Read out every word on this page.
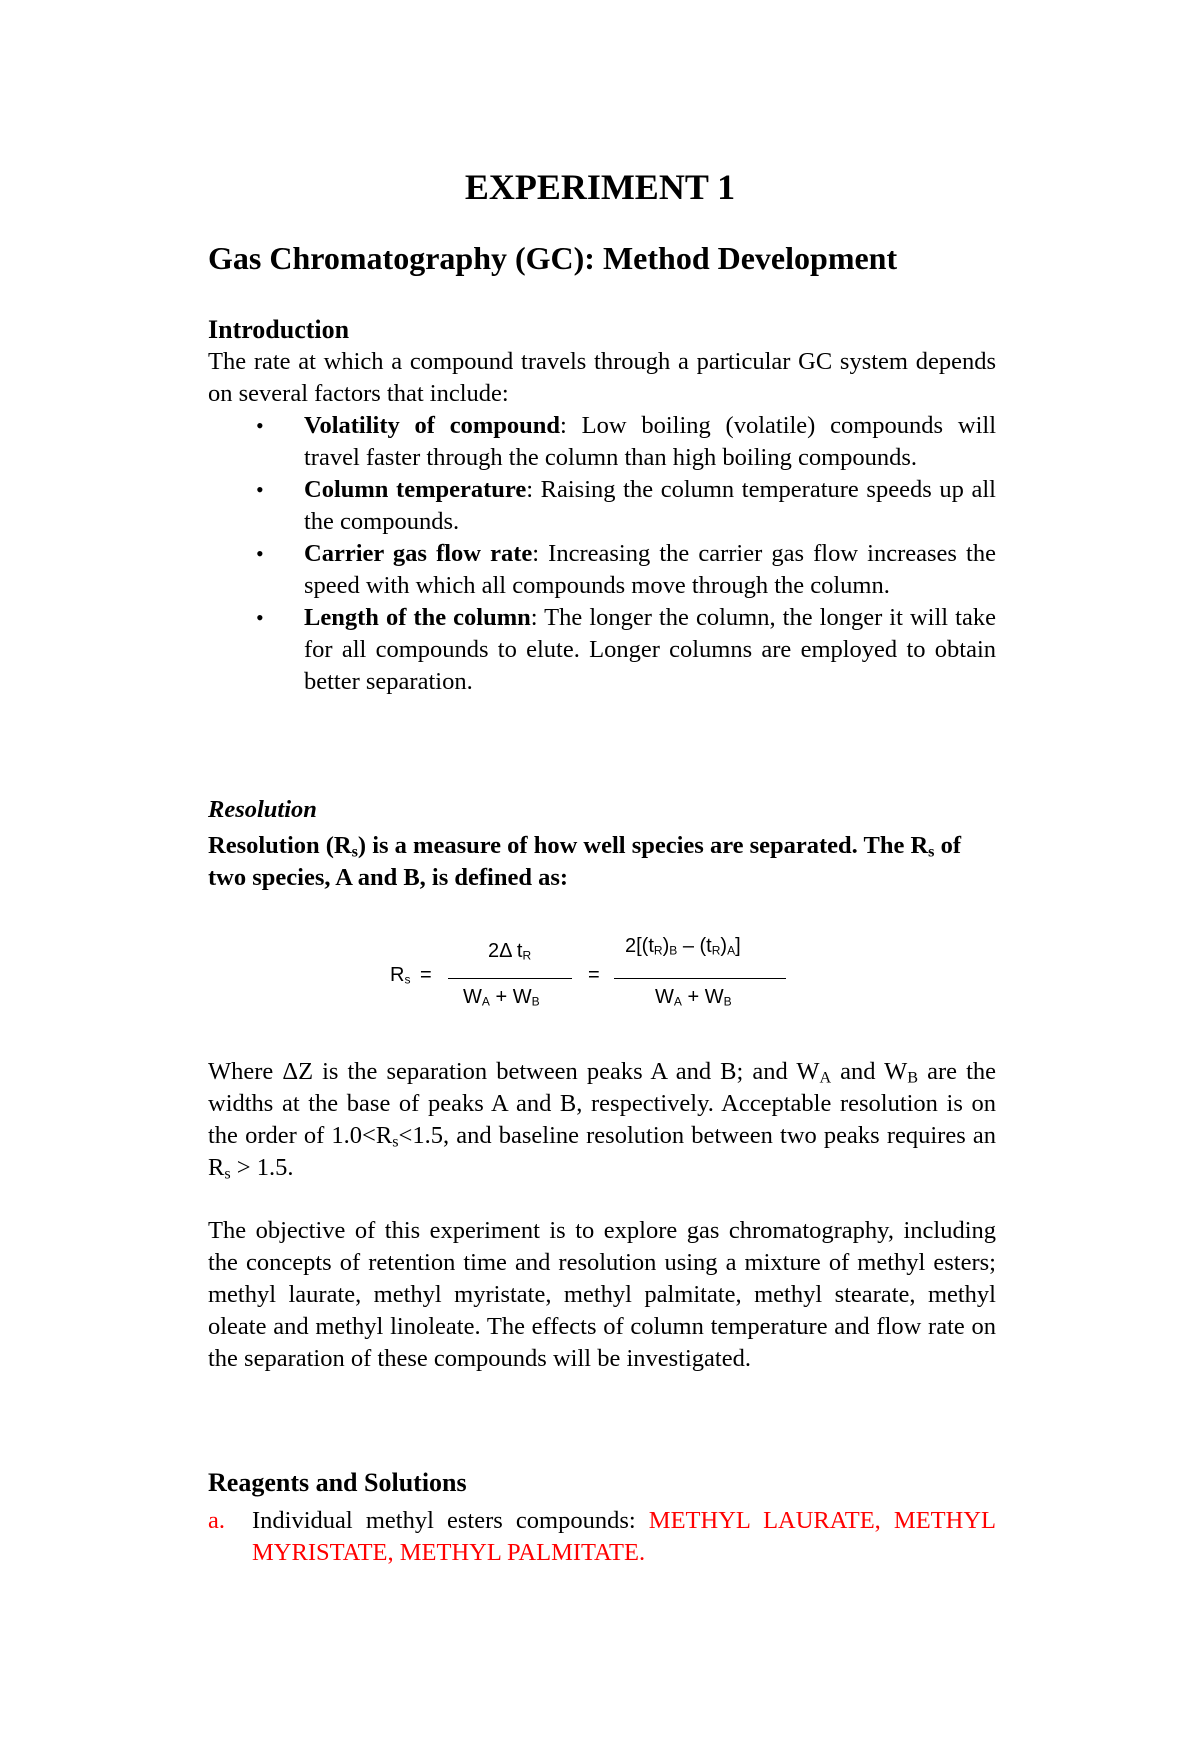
EXPERIMENT 1
Gas Chromatography (GC): Method Development
Introduction

The rate at which a compound travels through a particular GC system depends on several factors that include:

• Volatility of compound: Low boiling (volatile) compounds will travel faster through the column than high boiling compounds.
• Column temperature: Raising the column temperature speeds up all the compounds.
• Carrier gas flow rate: Increasing the carrier gas flow increases the speed with which all compounds move through the column.
• Length of the column: The longer the column, the longer it will take for all compounds to elute. Longer columns are employed to obtain better separation.
Resolution

Resolution $(R_s)$ is a measure of how well species are separated. The $R_s$ of two species, A and B, is defined as:

$R_s$ =
2Δ $t_R$
$W_A + W_B$
=
$2[(t_R)_B - (t_R)_A]$
$W_A + W_B$

Where ΔZ is the separation between peaks A and B; and $W_A$ and $W_B$ are the widths at the base of peaks A and B, respectively. Acceptable resolution is on the order of $1.0<R_s<1.5$, and baseline resolution between two peaks requires an $R_s > 1.5$.

The objective of this experiment is to explore gas chromatography, including the concepts of retention time and resolution using a mixture of methyl esters; methyl laurate, methyl myristate, methyl palmitate, methyl stearate, methyl oleate and methyl linoleate. The effects of column temperature and flow rate on the separation of these compounds will be investigated.

Reagents and Solutions
a. Individual methyl esters compounds: METHYL LAURATE, METHYL MYRISTATE, METHYL PALMITATE.
